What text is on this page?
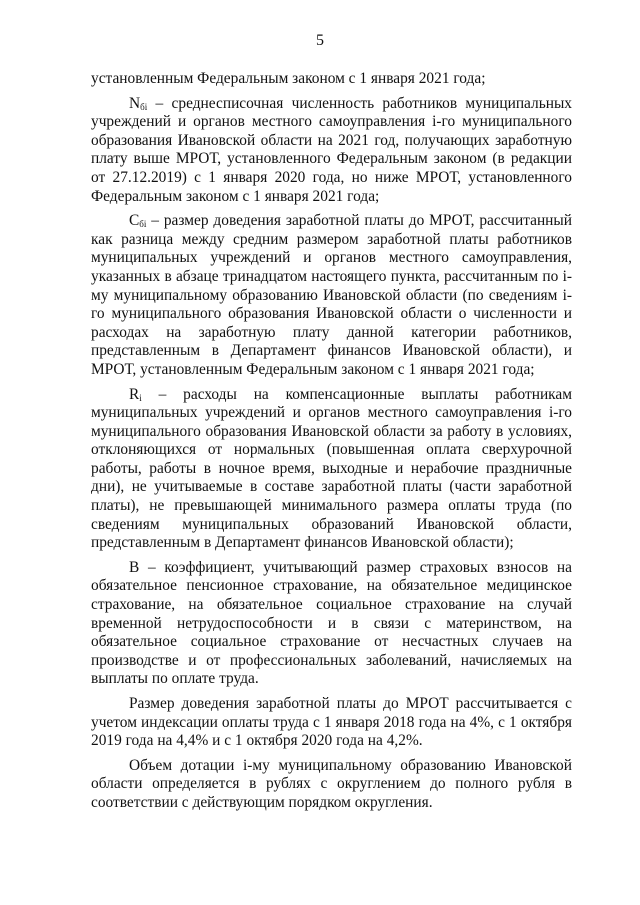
5

установленным Федеральным законом с 1 января 2021 года;

$N_{бi}$ – среднесписочная численность работников муниципальных учреждений и органов местного самоуправления i-го муниципального образования Ивановской области на 2021 год, получающих заработную плату выше МРОТ, установленного Федеральным законом (в редакции от 27.12.2019) с 1 января 2020 года, но ниже МРОТ, установленного Федеральным законом с 1 января 2021 года;

$C_{бi}$ – размер доведения заработной платы до МРОТ, рассчитанный как разница между средним размером заработной платы работников муниципальных учреждений и органов местного самоуправления, указанных в абзаце тринадцатом настоящего пункта, рассчитанным по i-му муниципальному образованию Ивановской области (по сведениям i-го муниципального образования Ивановской области о численности и расходах на заработную плату данной категории работников, представленным в Департамент финансов Ивановской области), и МРОТ, установленным Федеральным законом с 1 января 2021 года;

$R_i$ – расходы на компенсационные выплаты работникам муниципальных учреждений и органов местного самоуправления i-го муниципального образования Ивановской области за работу в условиях, отклоняющихся от нормальных (повышенная оплата сверхурочной работы, работы в ночное время, выходные и нерабочие праздничные дни), не учитываемые в составе заработной платы (части заработной платы), не превышающей минимального размера оплаты труда (по сведениям муниципальных образований Ивановской области, представленным в Департамент финансов Ивановской области);

В – коэффициент, учитывающий размер страховых взносов на обязательное пенсионное страхование, на обязательное медицинское страхование, на обязательное социальное страхование на случай временной нетрудоспособности и в связи с материнством, на обязательное социальное страхование от несчастных случаев на производстве и от профессиональных заболеваний, начисляемых на выплаты по оплате труда.

Размер доведения заработной платы до МРОТ рассчитывается с учетом индексации оплаты труда с 1 января 2018 года на 4%, с 1 октября 2019 года на 4,4% и с 1 октября 2020 года на 4,2%.

Объем дотации i-му муниципальному образованию Ивановской области определяется в рублях с округлением до полного рубля в соответствии с действующим порядком округления.
